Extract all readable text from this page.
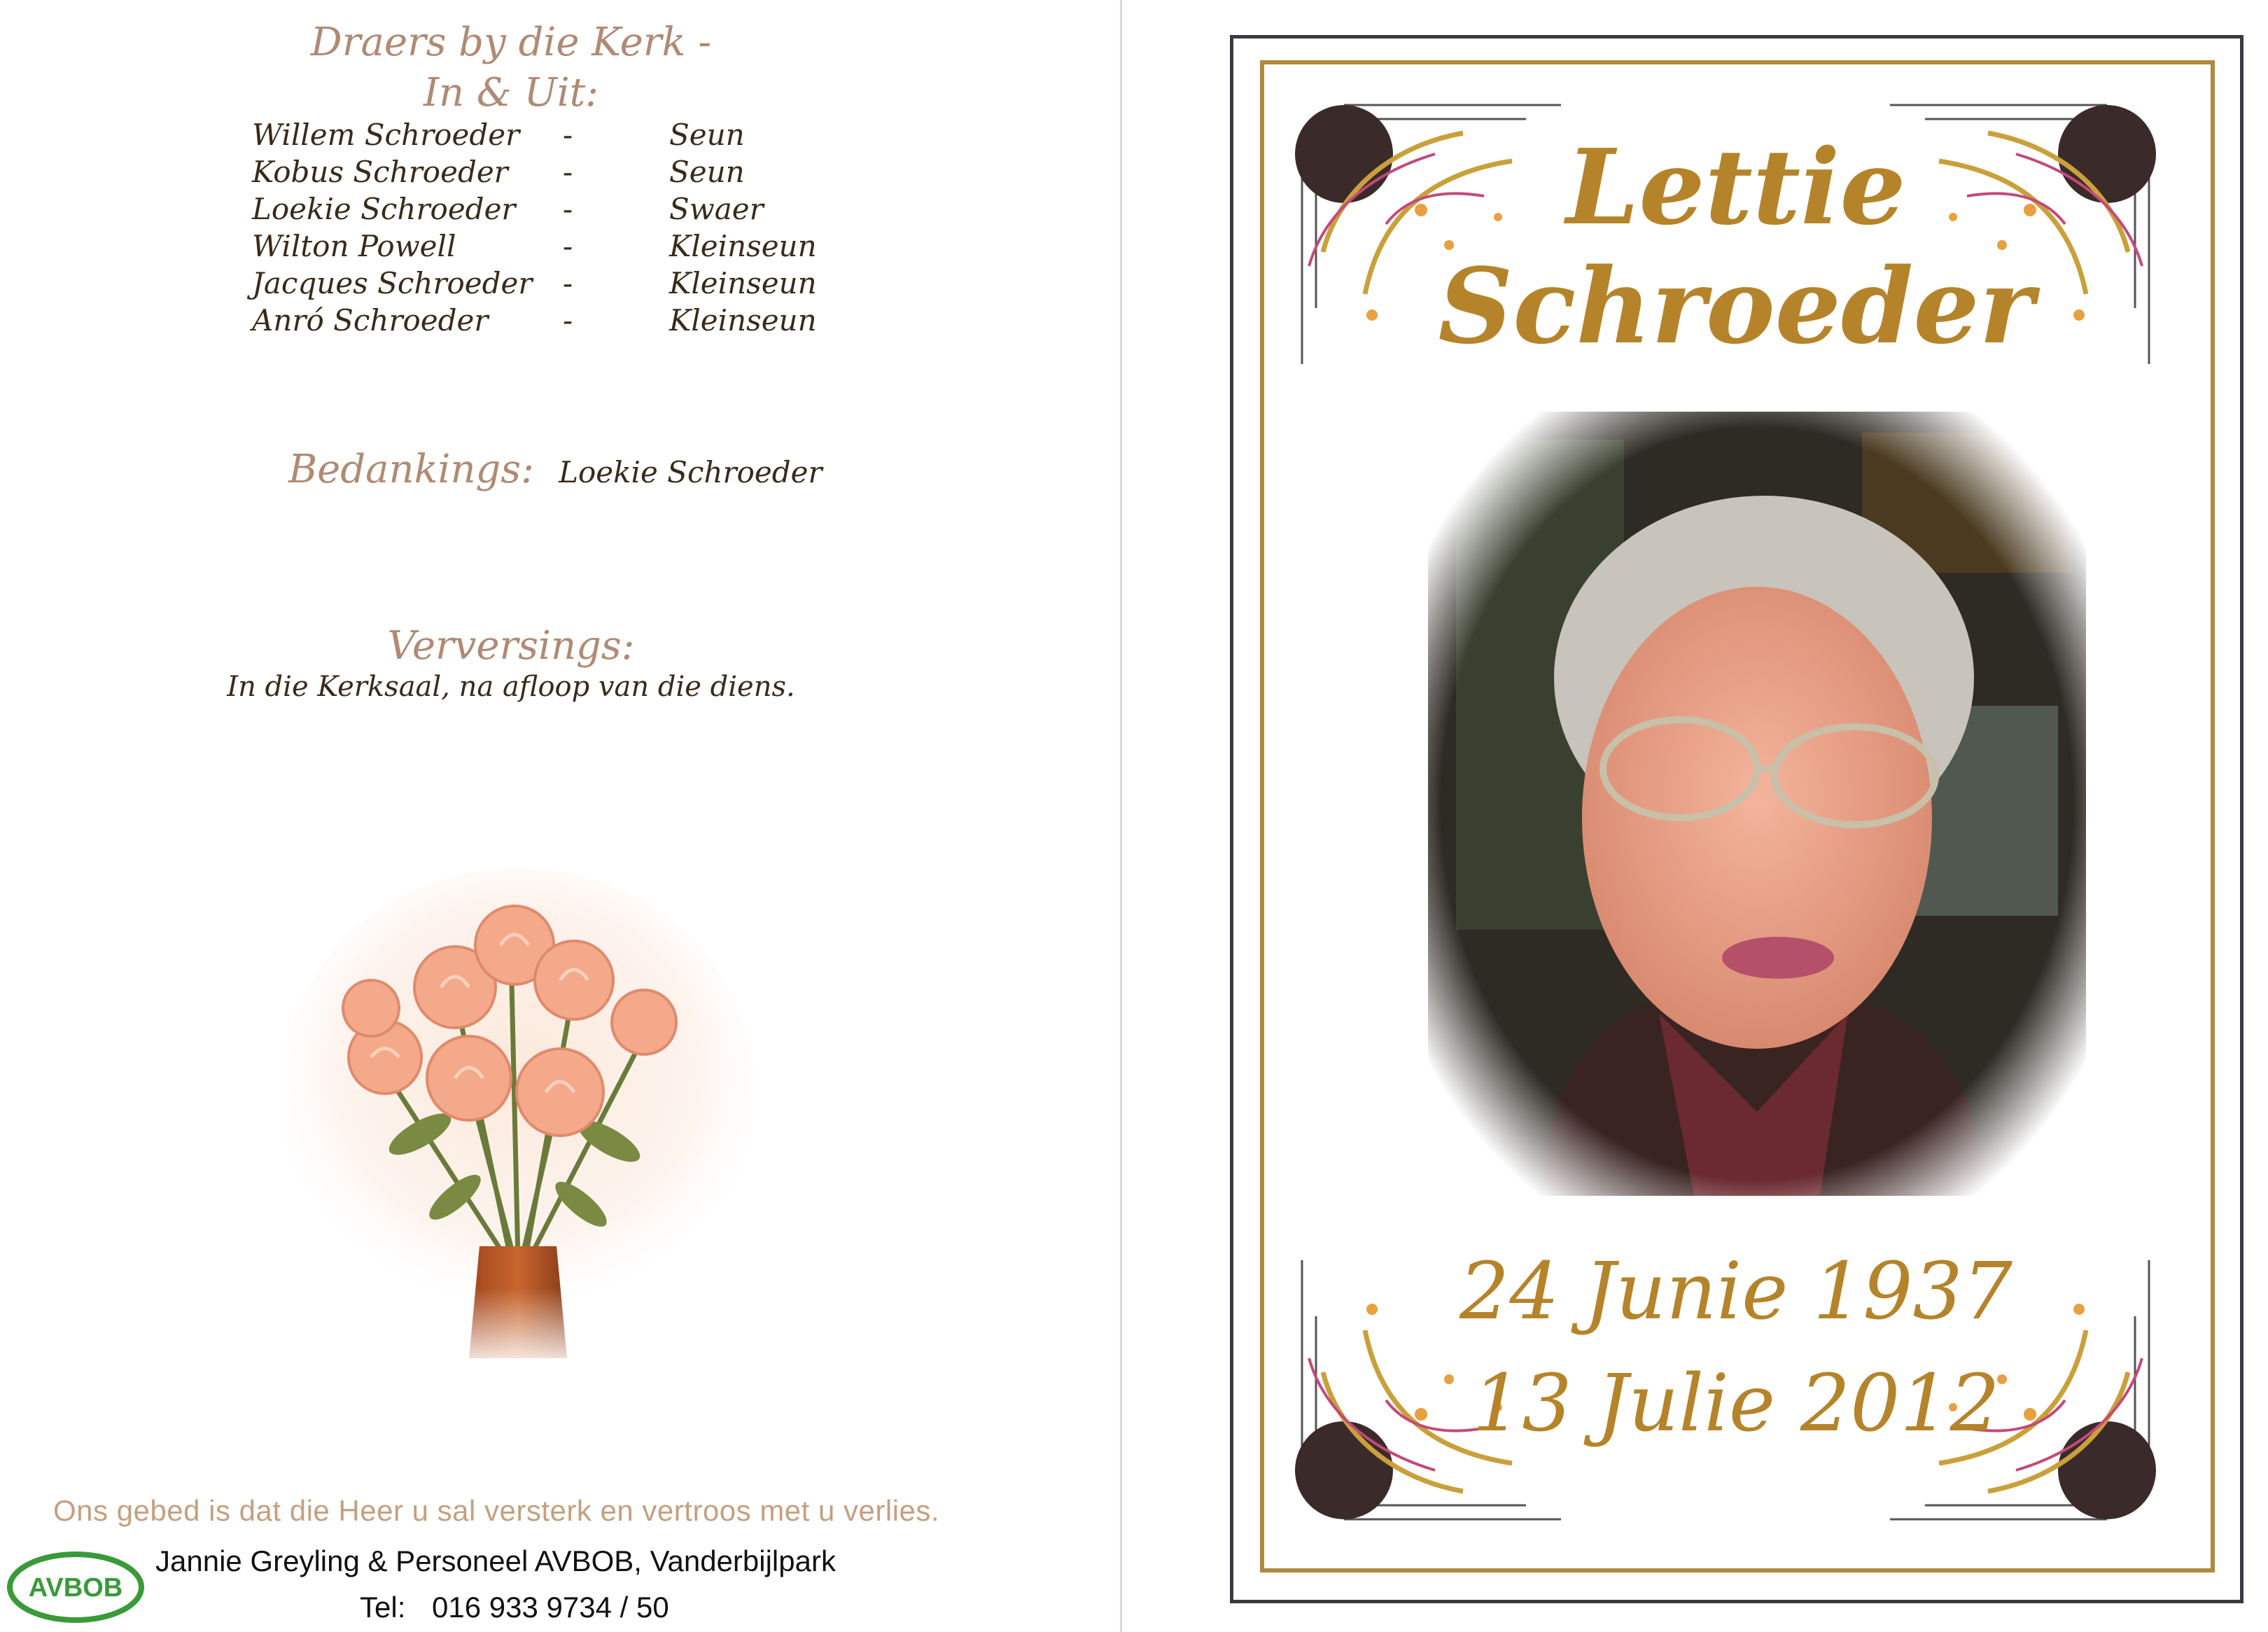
Draers by die Kerk -
In & Uit:
Willem Schroeder -	Seun
Kobus Schroeder -	Seun
Loekie Schroeder -	Swaer
Wilton Powell	-	Kleinseun
Jacques Schroeder -	Kleinseun
Anró Schroeder	-	Kleinseun
Bedankings: Loekie Schroeder
Verversings:
In die Kerksaal, na afloop van die diens.
Ons gebed is dat die Heer u sal versterk en vertroos met u verlies.
AVBOB
Jannie Greyling & Personeel AVBOB, Vanderbijlpark
Tel: 016 933 9734 / 50
Lettie
Schroeder
24 Junie 1937
13 Julie 2012
